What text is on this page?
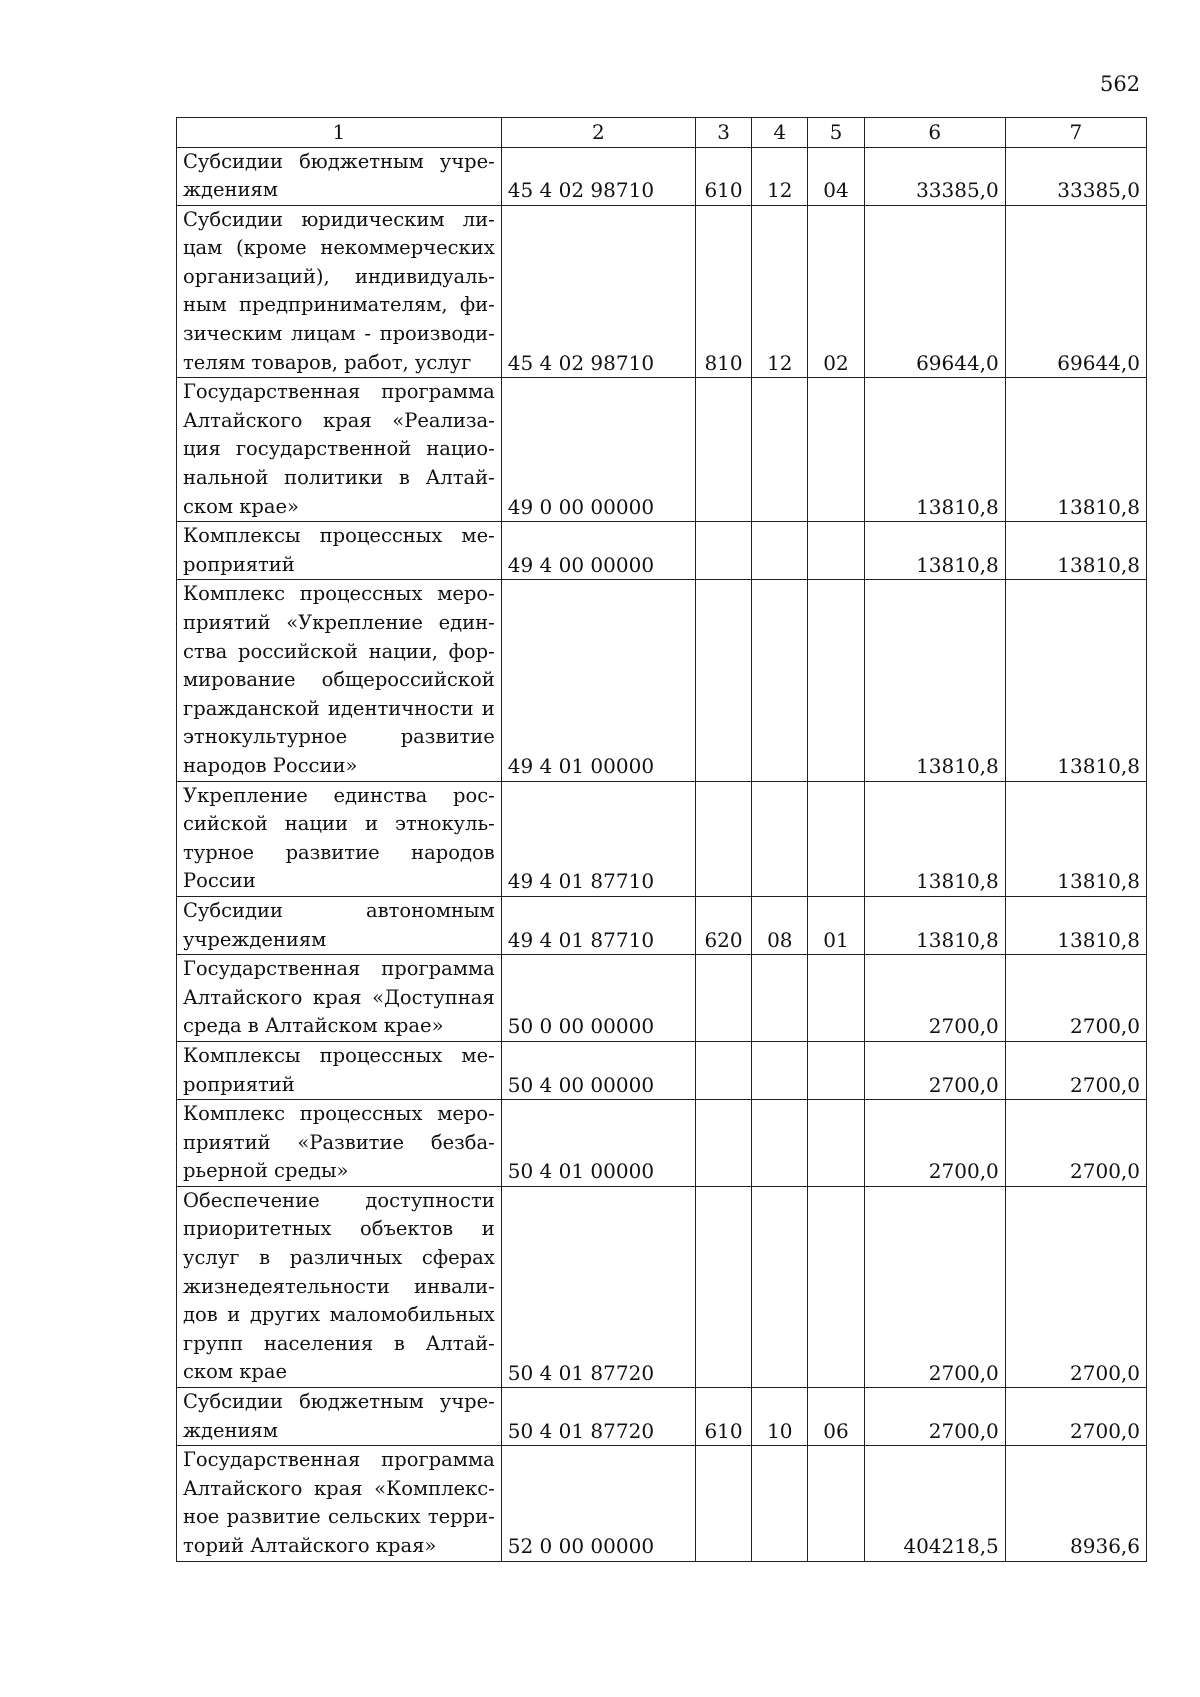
562
1	2	3	4	5	6	7
Субсидии бюджетным учре-ждениям	45 4 02 98710	610	12	04	33385,0	33385,0
Субсидии юридическим ли-цам (кроме некоммерческих организаций), индивидуаль-ным предпринимателям, фи-зическим лицам - производи-телям товаров, работ, услуг	45 4 02 98710	810	12	02	69644,0	69644,0
Государственная программа Алтайского края «Реализа-ция государственной нацио-нальной политики в Алтай-ском крае»	49 0 00 00000				13810,8	13810,8
Комплексы процессных ме-роприятий	49 4 00 00000				13810,8	13810,8
Комплекс процессных меро-приятий «Укрепление един-ства российской нации, фор-мирование общероссийской гражданской идентичности и этнокультурное развитие народов России»	49 4 01 00000				13810,8	13810,8
Укрепление единства рос-сийской нации и этнокуль-турное развитие народов России	49 4 01 87710				13810,8	13810,8
Субсидии автономным учреждениям	49 4 01 87710	620	08	01	13810,8	13810,8
Государственная программа Алтайского края «Доступная среда в Алтайском крае»	50 0 00 00000				2700,0	2700,0
Комплексы процессных ме-роприятий	50 4 00 00000				2700,0	2700,0
Комплекс процессных меро-приятий «Развитие безба-рьерной среды»	50 4 01 00000				2700,0	2700,0
Обеспечение доступности приоритетных объектов и услуг в различных сферах жизнедеятельности инвали-дов и других маломобильных групп населения в Алтай-ском крае	50 4 01 87720				2700,0	2700,0
Субсидии бюджетным учре-ждениям	50 4 01 87720	610	10	06	2700,0	2700,0
Государственная программа Алтайского края «Комплекс-ное развитие сельских терри-торий Алтайского края»	52 0 00 00000				404218,5	8936,6
